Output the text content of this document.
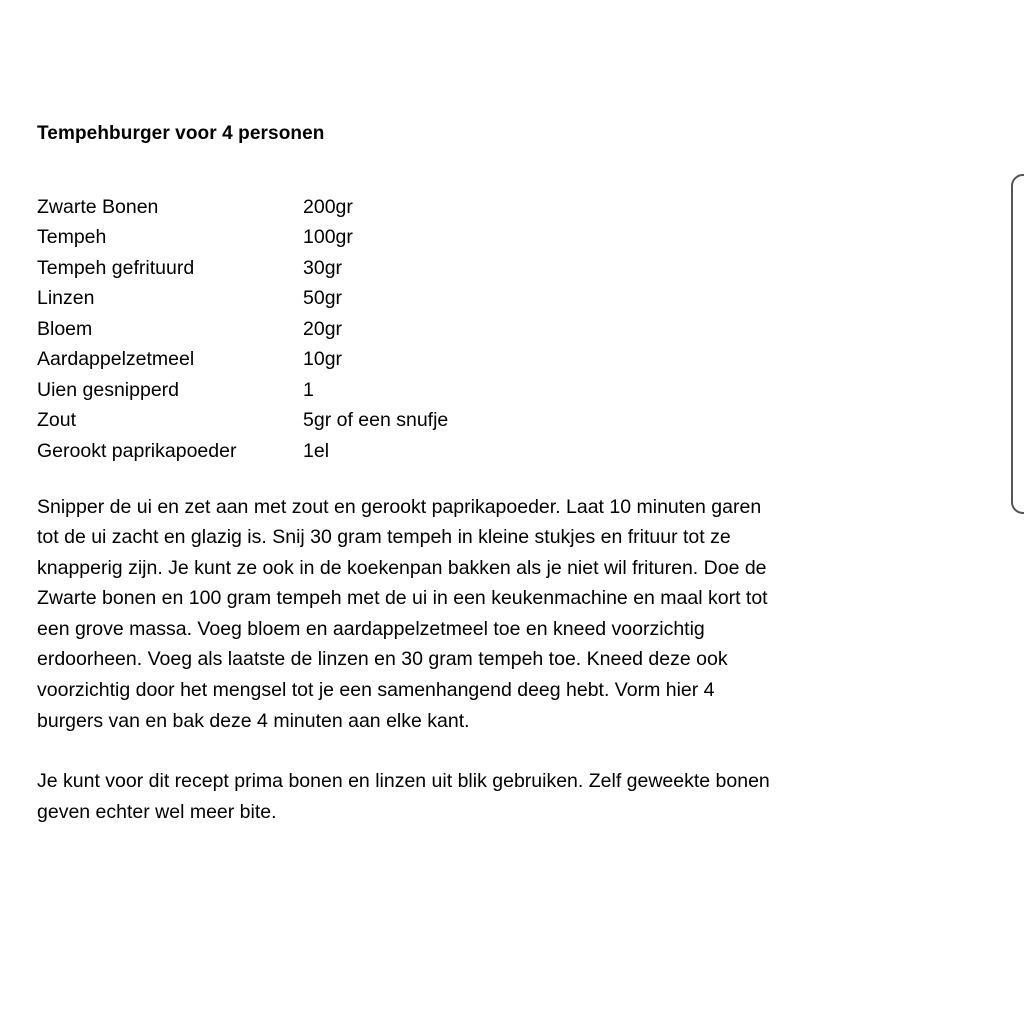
Tempehburger voor 4 personen
Zwarte Bonen	200gr
Tempeh	100gr
Tempeh gefrituurd	30gr
Linzen	50gr
Bloem	20gr
Aardappelzetmeel	10gr
Uien gesnipperd	1
Zout	5gr of een snufje
Gerookt paprikapoeder	1el

Snipper de ui en zet aan met zout en gerookt paprikapoeder. Laat 10 minuten garen
tot de ui zacht en glazig is. Snij 30 gram tempeh in kleine stukjes en frituur tot ze
knapperig zijn. Je kunt ze ook in de koekenpan bakken als je niet wil frituren. Doe de
Zwarte bonen en 100 gram tempeh met de ui in een keukenmachine en maal kort tot
een grove massa. Voeg bloem en aardappelzetmeel toe en kneed voorzichtig
erdoorheen. Voeg als laatste de linzen en 30 gram tempeh toe. Kneed deze ook
voorzichtig door het mengsel tot je een samenhangend deeg hebt. Vorm hier 4
burgers van en bak deze 4 minuten aan elke kant.

Je kunt voor dit recept prima bonen en linzen uit blik gebruiken. Zelf geweekte bonen
geven echter wel meer bite.
